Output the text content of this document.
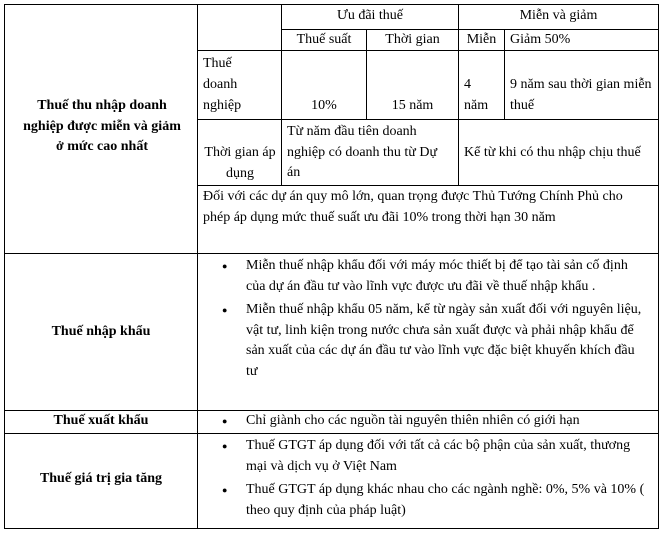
Ưu đãi thuế	Miễn và giảm
Thuế suất	Thời gian	Miễn Giảm 50%
Thuế thu nhập doanh nghiệp được miễn và giảm ở mức cao nhất
Thuế
doanh
nghiệp	10%	15 năm
4
năm
9 năm sau thời gian miễn thuế
Thời gian áp dụng
Từ năm đầu tiên doanh nghiệp có doanh thu từ Dự án
Kể từ khi có thu nhập chịu thuế
Đối với các dự án quy mô lớn, quan trọng được Thủ Tướng Chính Phủ cho phép áp dụng mức thuế suất ưu đãi 10% trong thời hạn 30 năm
Thuế nhập khẩu
● Miễn thuế nhập khẩu đối với máy móc thiết bị để tạo tài sản cố định của dự án đầu tư vào lĩnh vực được ưu đãi về thuế nhập khẩu .
● Miễn thuế nhập khẩu 05 năm, kể từ ngày sản xuất đối với nguyên liệu, vật tư, linh kiện trong nước chưa sản xuất được và phải nhập khẩu để sản xuất của các dự án đầu tư vào lĩnh vực đặc biệt khuyến khích đầu tư
Thuế xuất khẩu
●	Chỉ giành cho các nguồn tài nguyên thiên nhiên có giới hạn
Thuế giá trị gia tăng
● Thuế GTGT áp dụng đối với tất cả các bộ phận của sản xuất, thương mại và dịch vụ ở Việt Nam
● Thuế GTGT áp dụng khác nhau cho các ngành nghề: 0%, 5% và 10% ( theo quy định của pháp luật)
